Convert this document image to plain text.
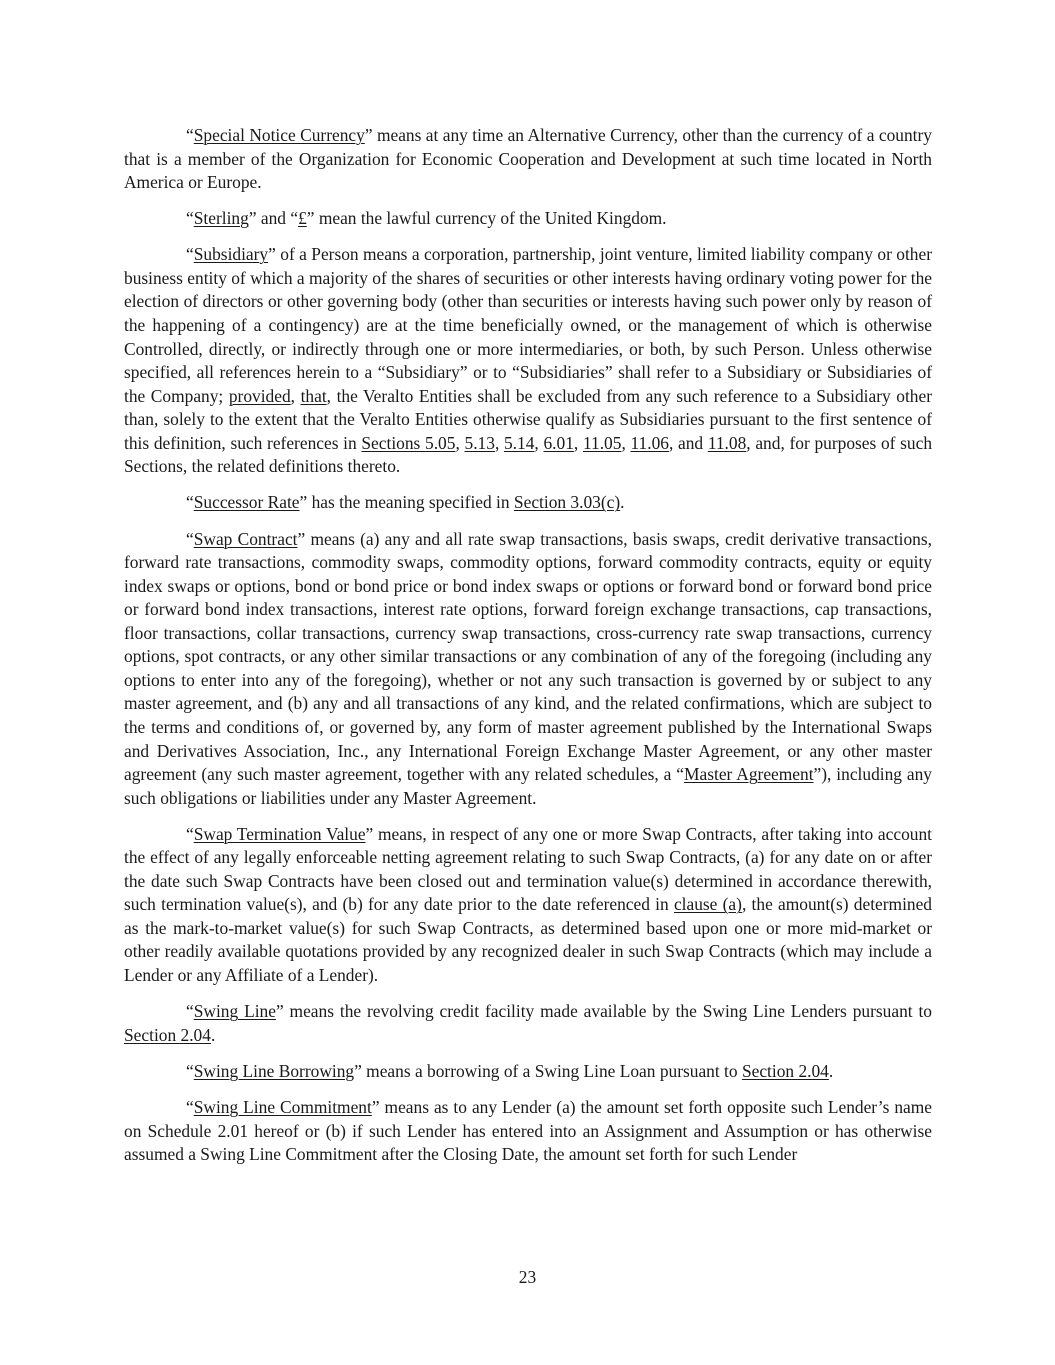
“Special Notice Currency” means at any time an Alternative Currency, other than the currency of a country that is a member of the Organization for Economic Cooperation and Development at such time located in North America or Europe.

“Sterling” and “£” mean the lawful currency of the United Kingdom.

“Subsidiary” of a Person means a corporation, partnership, joint venture, limited liability company or other business entity of which a majority of the shares of securities or other interests having ordinary voting power for the election of directors or other governing body (other than securities or interests having such power only by reason of the happening of a contingency) are at the time beneficially owned, or the management of which is otherwise Controlled, directly, or indirectly through one or more intermediaries, or both, by such Person. Unless otherwise specified, all references herein to a “Subsidiary” or to “Subsidiaries” shall refer to a Subsidiary or Subsidiaries of the Company; provided, that, the Veralto Entities shall be excluded from any such reference to a Subsidiary other than, solely to the extent that the Veralto Entities otherwise qualify as Subsidiaries pursuant to the first sentence of this definition, such references in Sections 5.05, 5.13, 5.14, 6.01, 11.05, 11.06, and 11.08, and, for purposes of such Sections, the related definitions thereto.

“Successor Rate” has the meaning specified in Section 3.03(c).

“Swap Contract” means (a) any and all rate swap transactions, basis swaps, credit derivative transactions, forward rate transactions, commodity swaps, commodity options, forward commodity contracts, equity or equity index swaps or options, bond or bond price or bond index swaps or options or forward bond or forward bond price or forward bond index transactions, interest rate options, forward foreign exchange transactions, cap transactions, floor transactions, collar transactions, currency swap transactions, cross-currency rate swap transactions, currency options, spot contracts, or any other similar transactions or any combination of any of the foregoing (including any options to enter into any of the foregoing), whether or not any such transaction is governed by or subject to any master agreement, and (b) any and all transactions of any kind, and the related confirmations, which are subject to the terms and conditions of, or governed by, any form of master agreement published by the International Swaps and Derivatives Association, Inc., any International Foreign Exchange Master Agreement, or any other master agreement (any such master agreement, together with any related schedules, a “Master Agreement”), including any such obligations or liabilities under any Master Agreement.

“Swap Termination Value” means, in respect of any one or more Swap Contracts, after taking into account the effect of any legally enforceable netting agreement relating to such Swap Contracts, (a) for any date on or after the date such Swap Contracts have been closed out and termination value(s) determined in accordance therewith, such termination value(s), and (b) for any date prior to the date referenced in clause (a), the amount(s) determined as the mark-to-market value(s) for such Swap Contracts, as determined based upon one or more mid-market or other readily available quotations provided by any recognized dealer in such Swap Contracts (which may include a Lender or any Affiliate of a Lender).

“Swing Line” means the revolving credit facility made available by the Swing Line Lenders pursuant to Section 2.04.

“Swing Line Borrowing” means a borrowing of a Swing Line Loan pursuant to Section 2.04.

“Swing Line Commitment” means as to any Lender (a) the amount set forth opposite such Lender’s name on Schedule 2.01 hereof or (b) if such Lender has entered into an Assignment and Assumption or has otherwise assumed a Swing Line Commitment after the Closing Date, the amount set forth for such Lender

23
